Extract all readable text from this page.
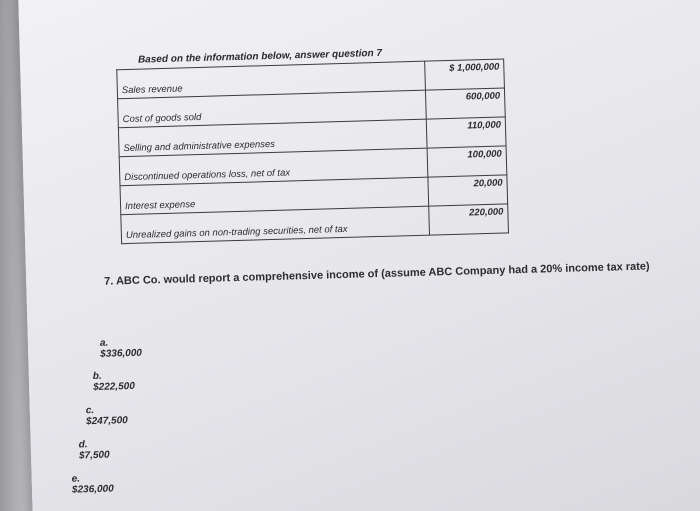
Based on the information below, answer question 7
Sales revenue	$ 1,000,000
Cost of goods sold	600,000
Selling and administrative expenses	110,000
Discontinued operations loss, net of tax	100,000
Interest expense	20,000
Unrealized gains on non-trading securities, net of tax	220,000
7. ABC Co. would report a comprehensive income of (assume ABC Company had a 20% income tax rate)
a. $336,000
b. $222,500
c. $247,500
d. $7,500
e. $236,000
